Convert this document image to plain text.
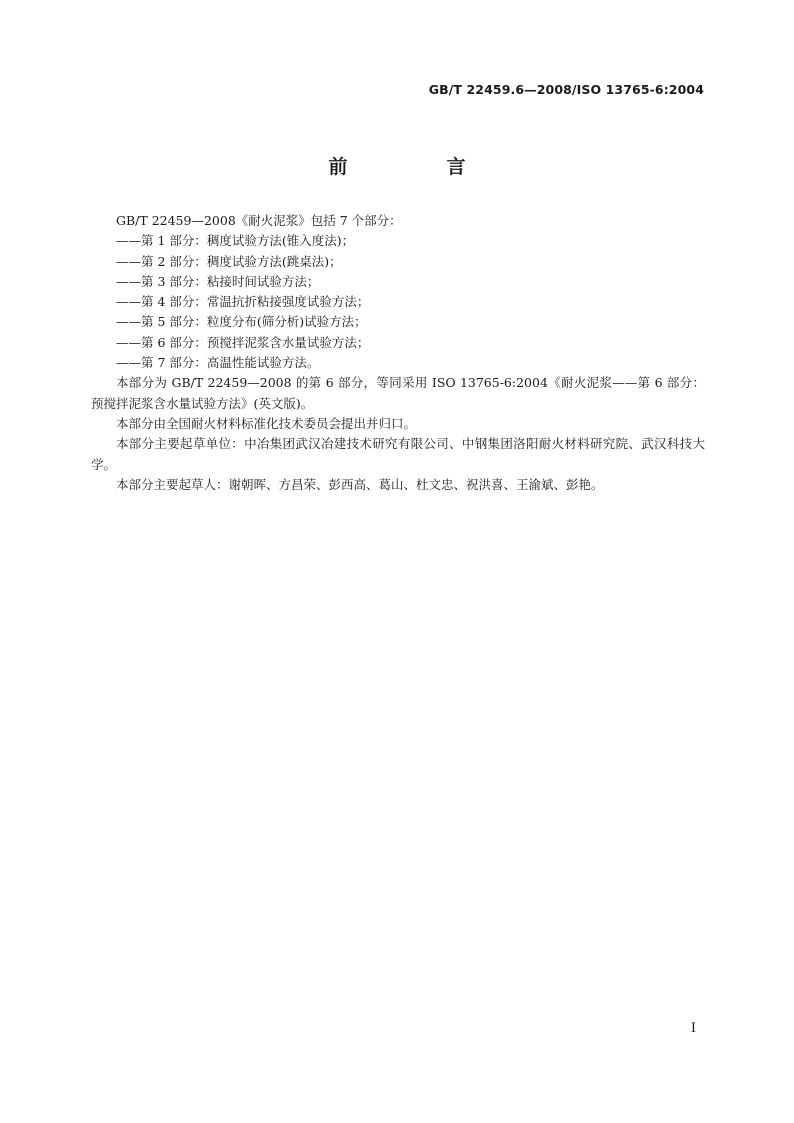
GB/T 22459.6—2008/ISO 13765-6:2004
前　言

GB/T 22459—2008《耐火泥浆》包括 7 个部分：

——第 1 部分：稠度试验方法(锥入度法)；

——第 2 部分：稠度试验方法(跳桌法)；

——第 3 部分：粘接时间试验方法；

——第 4 部分：常温抗折粘接强度试验方法；

——第 5 部分：粒度分布(筛分析)试验方法；

——第 6 部分：预搅拌泥浆含水量试验方法；

——第 7 部分：高温性能试验方法。

本部分为 GB/T 22459—2008 的第 6 部分，等同采用 ISO 13765-6:2004《耐火泥浆——第 6 部分：预搅拌泥浆含水量试验方法》(英文版)。

本部分由全国耐火材料标准化技术委员会提出并归口。

本部分主要起草单位：中冶集团武汉冶建技术研究有限公司、中钢集团洛阳耐火材料研究院、武汉科技大学。

本部分主要起草人：谢朝晖、方昌荣、彭西高、葛山、杜文忠、祝洪喜、王渝斌、彭艳。

I
